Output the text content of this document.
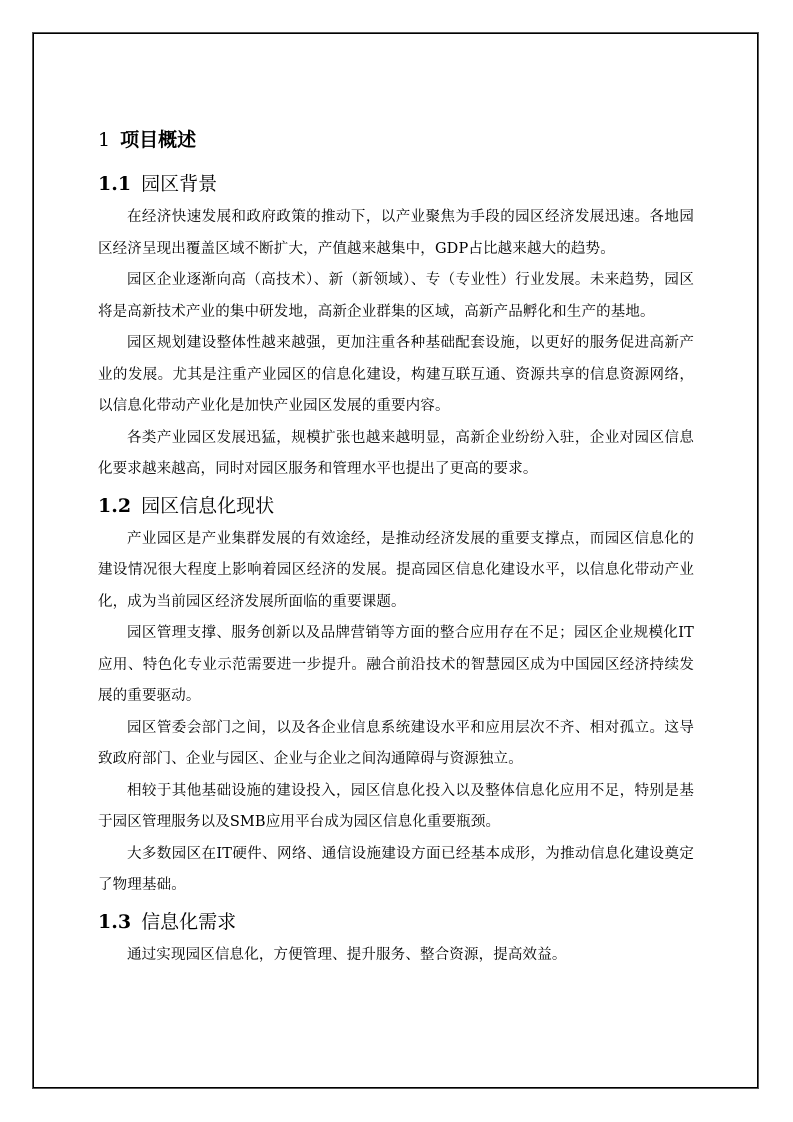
1 项目概述
1.1 园区背景

在经济快速发展和政府政策的推动下，以产业聚焦为手段的园区经济发展迅速。各地园区经济呈现出覆盖区域不断扩大，产值越来越集中，GDP占比越来越大的趋势。

园区企业逐渐向高（高技术）、新（新领域）、专（专业性）行业发展。未来趋势，园区将是高新技术产业的集中研发地，高新企业群集的区域，高新产品孵化和生产的基地。

园区规划建设整体性越来越强，更加注重各种基础配套设施，以更好的服务促进高新产业的发展。尤其是注重产业园区的信息化建设，构建互联互通、资源共享的信息资源网络，以信息化带动产业化是加快产业园区发展的重要内容。

各类产业园区发展迅猛，规模扩张也越来越明显，高新企业纷纷入驻，企业对园区信息化要求越来越高，同时对园区服务和管理水平也提出了更高的要求。

1.2 园区信息化现状

产业园区是产业集群发展的有效途经，是推动经济发展的重要支撑点，而园区信息化的建设情况很大程度上影响着园区经济的发展。提高园区信息化建设水平，以信息化带动产业化，成为当前园区经济发展所面临的重要课题。

园区管理支撑、服务创新以及品牌营销等方面的整合应用存在不足；园区企业规模化IT应用、特色化专业示范需要进一步提升。融合前沿技术的智慧园区成为中国园区经济持续发展的重要驱动。

园区管委会部门之间，以及各企业信息系统建设水平和应用层次不齐、相对孤立。这导致政府部门、企业与园区、企业与企业之间沟通障碍与资源独立。

相较于其他基础设施的建设投入，园区信息化投入以及整体信息化应用不足，特别是基于园区管理服务以及SMB应用平台成为园区信息化重要瓶颈。

大多数园区在IT硬件、网络、通信设施建设方面已经基本成形，为推动信息化建设奠定了物理基础。

1.3 信息化需求

通过实现园区信息化，方便管理、提升服务、整合资源，提高效益。
